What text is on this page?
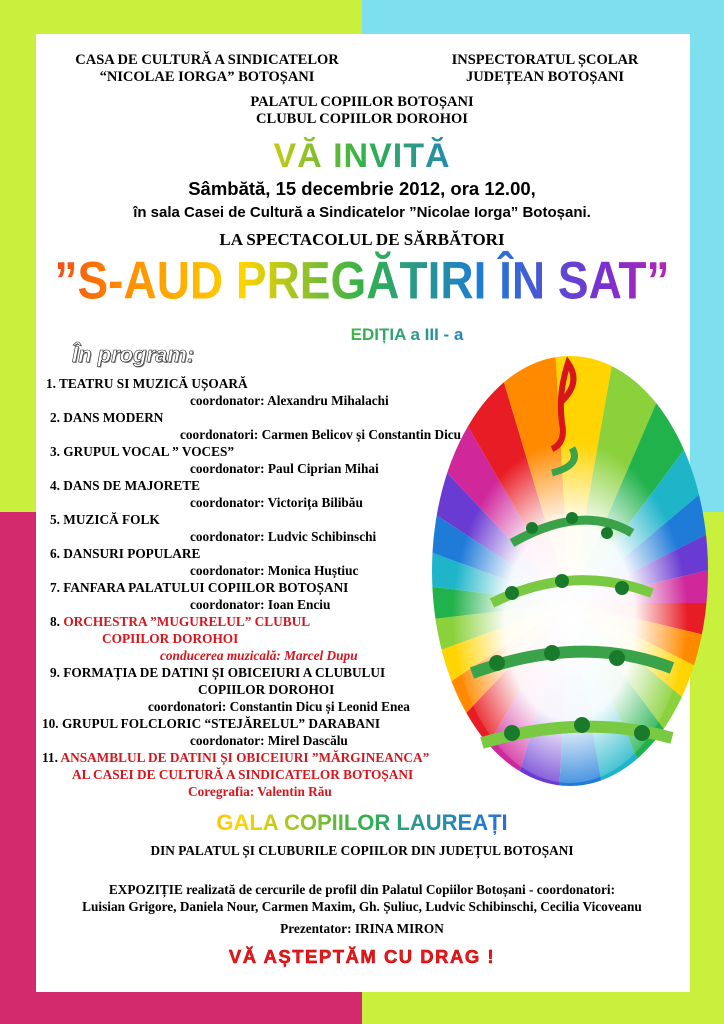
CASA DE CULTURĂ A SINDICATELOR
“NICOLAE IORGA” BOTOȘANI
INSPECTORATUL ȘCOLAR
JUDEȚEAN BOTOȘANI
PALATUL COPIILOR BOTOȘANI
CLUBUL COPIILOR DOROHOI
VĂ INVITĂ
Sâmbătă, 15 decembrie 2012, ora 12.00,
în sala Casei de Cultură a Sindicatelor ”Nicolae Iorga” Botoșani.
LA SPECTACOLUL DE SĂRBĂTORI
”S-AUD PREGĂTIRI ÎN SAT”
EDIȚIA a III - a
În program:
1. TEATRU SI MUZICĂ UȘOARĂ
coordonator: Alexandru Mihalachi
2. DANS MODERN
coordonatori: Carmen Belicov și Constantin Dicu
3. GRUPUL VOCAL ” VOCES”
coordonator: Paul Ciprian Mihai
4. DANS DE MAJORETE
coordonator: Victorița Bilibău
5. MUZICĂ FOLK
coordonator: Ludvic Schibinschi
6. DANSURI POPULARE
coordonator: Monica Huștiuc
7. FANFARA PALATULUI COPIILOR BOTOȘANI
coordonator: Ioan Enciu
8. ORCHESTRA ”MUGURELUL” CLUBUL
COPIILOR DOROHOI
conducerea muzicală: Marcel Dupu
9. FORMAȚIA DE DATINI ȘI OBICEIURI A CLUBULUI
COPIILOR DOROHOI
coordonatori: Constantin Dicu și Leonid Enea
10. GRUPUL FOLCLORIC “STEJĂRELUL” DARABANI
coordonator: Mirel Dascălu
11. ANSAMBLUL DE DATINI ȘI OBICEIURI ”MĂRGINEANCA”
AL CASEI DE CULTURĂ A SINDICATELOR BOTOȘANI
Coregrafia: Valentin Rău
GALA COPIILOR LAUREAȚI
DIN PALATUL ȘI CLUBURILE COPIILOR DIN JUDEȚUL BOTOȘANI
EXPOZIȚIE realizată de cercurile de profil din Palatul Copiilor Botoșani - coordonatori:
Luisian Grigore, Daniela Nour, Carmen Maxim, Gh. Șuliuc, Ludvic Schibinschi, Cecilia Vicoveanu
Prezentator: IRINA MIRON
VĂ AȘTEPTĂM CU DRAG !
